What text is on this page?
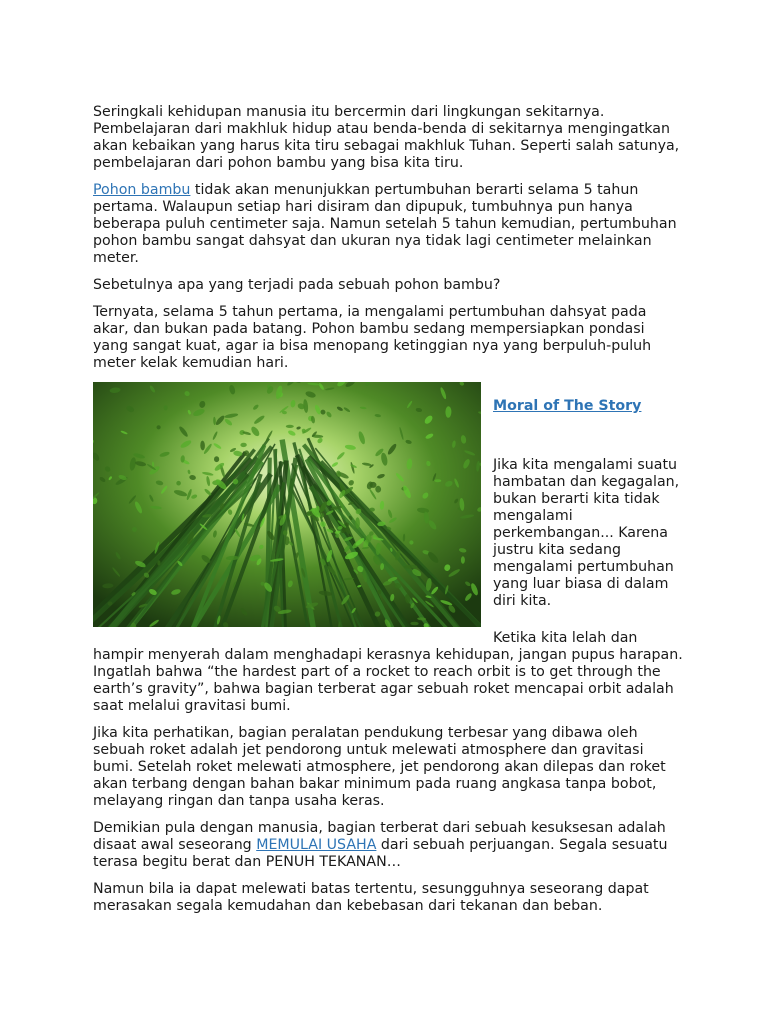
Seringkali kehidupan manusia itu bercermin dari lingkungan sekitarnya. Pembelajaran dari makhluk hidup atau benda-benda di sekitarnya mengingatkan akan kebaikan yang harus kita tiru sebagai makhluk Tuhan. Seperti salah satunya, pembelajaran dari pohon bambu yang bisa kita tiru.

Pohon bambu tidak akan menunjukkan pertumbuhan berarti selama 5 tahun pertama. Walaupun setiap hari disiram dan dipupuk, tumbuhnya pun hanya beberapa puluh centimeter saja. Namun setelah 5 tahun kemudian, pertumbuhan pohon bambu sangat dahsyat dan ukuran nya tidak lagi centimeter melainkan meter.

Sebetulnya apa yang terjadi pada sebuah pohon bambu?

Ternyata, selama 5 tahun pertama, ia mengalami pertumbuhan dahsyat pada akar, dan bukan pada batang. Pohon bambu sedang mempersiapkan pondasi yang sangat kuat, agar ia bisa menopang ketinggian nya yang berpuluh-puluh meter kelak kemudian hari.

Moral of The Story

Jika kita mengalami suatu hambatan dan kegagalan, bukan berarti kita tidak mengalami perkembangan... Karena justru kita sedang mengalami pertumbuhan yang luar biasa di dalam diri kita.

Ketika kita lelah dan hampir menyerah dalam menghadapi kerasnya kehidupan, jangan pupus harapan. Ingatlah bahwa “the hardest part of a rocket to reach orbit is to get through the earth’s gravity”, bahwa bagian terberat agar sebuah roket mencapai orbit adalah saat melalui gravitasi bumi.

Jika kita perhatikan, bagian peralatan pendukung terbesar yang dibawa oleh sebuah roket adalah jet pendorong untuk melewati atmosphere dan gravitasi bumi. Setelah roket melewati atmosphere, jet pendorong akan dilepas dan roket akan terbang dengan bahan bakar minimum pada ruang angkasa tanpa bobot, melayang ringan dan tanpa usaha keras.

Demikian pula dengan manusia, bagian terberat dari sebuah kesuksesan adalah disaat awal seseorang MEMULAI USAHA dari sebuah perjuangan. Segala sesuatu terasa begitu berat dan PENUH TEKANAN…

Namun bila ia dapat melewati batas tertentu, sesungguhnya seseorang dapat merasakan segala kemudahan dan kebebasan dari tekanan dan beban.
